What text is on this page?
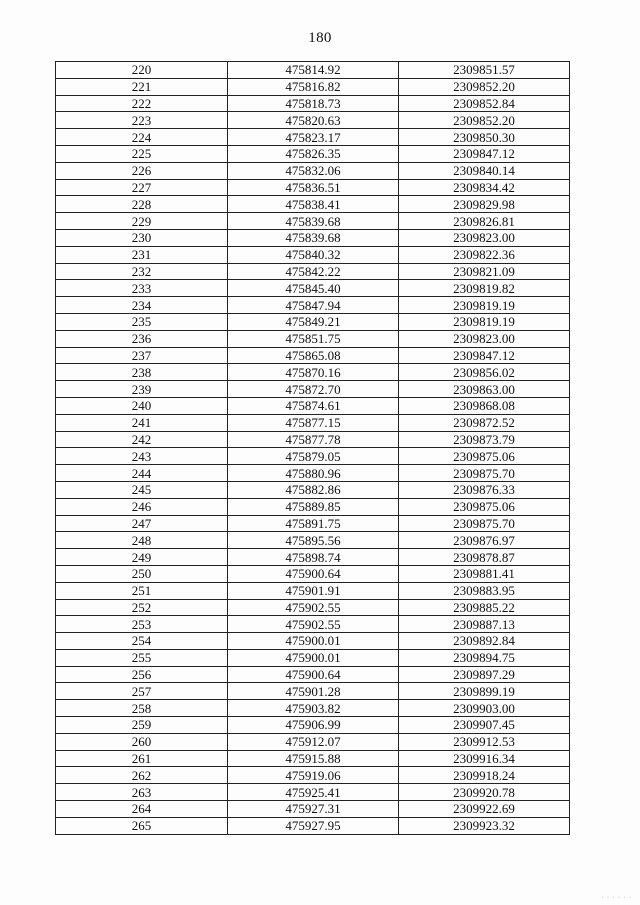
180
220	475814.92	2309851.57
221	475816.82	2309852.20
222	475818.73	2309852.84
223	475820.63	2309852.20
224	475823.17	2309850.30
225	475826.35	2309847.12
226	475832.06	2309840.14
227	475836.51	2309834.42
228	475838.41	2309829.98
229	475839.68	2309826.81
230	475839.68	2309823.00
231	475840.32	2309822.36
232	475842.22	2309821.09
233	475845.40	2309819.82
234	475847.94	2309819.19
235	475849.21	2309819.19
236	475851.75	2309823.00
237	475865.08	2309847.12
238	475870.16	2309856.02
239	475872.70	2309863.00
240	475874.61	2309868.08
241	475877.15	2309872.52
242	475877.78	2309873.79
243	475879.05	2309875.06
244	475880.96	2309875.70
245	475882.86	2309876.33
246	475889.85	2309875.06
247	475891.75	2309875.70
248	475895.56	2309876.97
249	475898.74	2309878.87
250	475900.64	2309881.41
251	475901.91	2309883.95
252	475902.55	2309885.22
253	475902.55	2309887.13
254	475900.01	2309892.84
255	475900.01	2309894.75
256	475900.64	2309897.29
257	475901.28	2309899.19
258	475903.82	2309903.00
259	475906.99	2309907.45
260	475912.07	2309912.53
261	475915.88	2309916.34
262	475919.06	2309918.24
263	475925.41	2309920.78
264	475927.31	2309922.69
265	475927.95	2309923.32
· · · · · ·
